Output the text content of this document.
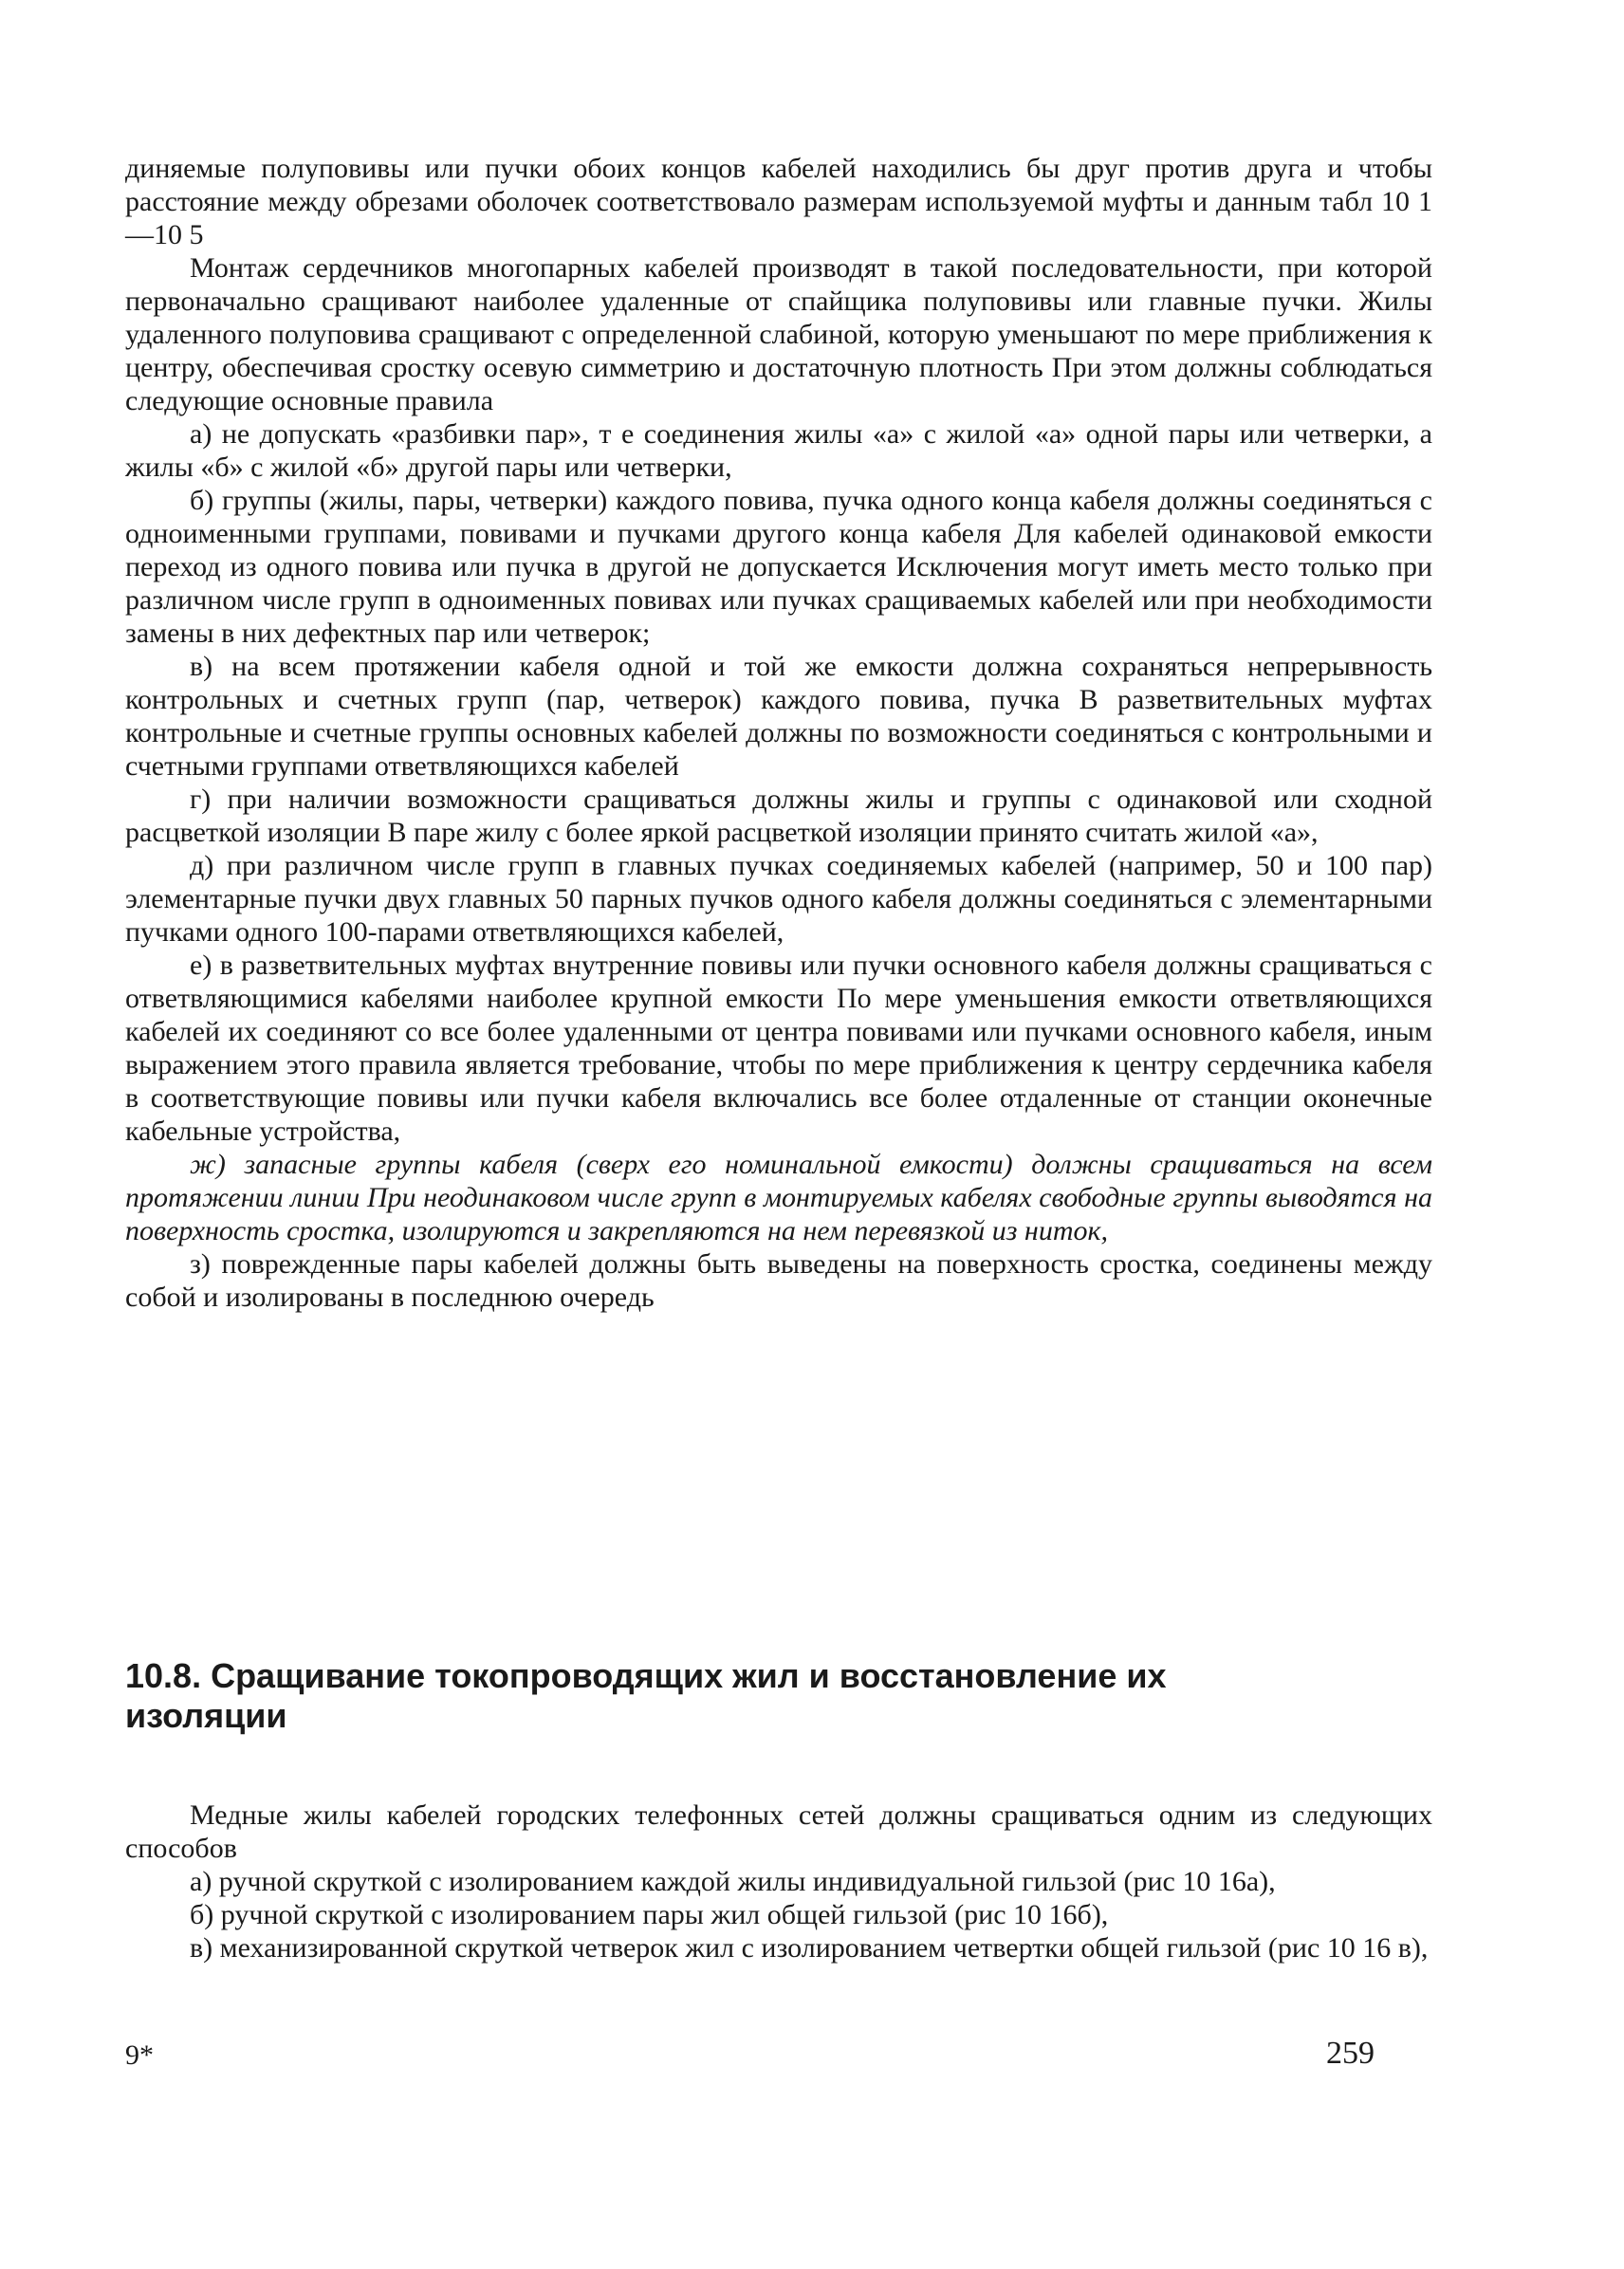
диняемые полуповивы или пучки обоих концов кабелей находились бы друг против друга и чтобы расстояние между обрезами оболочек соответствовало размерам используемой муфты и данным табл 10 1—10 5

Монтаж сердечников многопарных кабелей производят в такой последовательности, при которой первоначально сращивают наиболее удаленные от спайщика полуповивы или главные пучки. Жилы удаленного полуповива сращивают с определенной слабиной, которую уменьшают по мере приближения к центру, обеспечивая сростку осевую симметрию и достаточную плотность При этом должны соблюдаться следующие основные правила

а) не допускать «разбивки пар», т е соединения жилы «а» с жилой «а» одной пары или четверки, а жилы «б» с жилой «б» другой пары или четверки,

б) группы (жилы, пары, четверки) каждого повива, пучка одного конца кабеля должны соединяться с одноименными группами, повивами и пучками другого конца кабеля Для кабелей одинаковой емкости переход из одного повива или пучка в другой не допускается Исключения могут иметь место только при различном числе групп в одноименных повивах или пучках сращиваемых кабелей или при необходимости замены в них дефектных пар или четверок;

в) на всем протяжении кабеля одной и той же емкости должна сохраняться непрерывность контрольных и счетных групп (пар, четверок) каждого повива, пучка В разветвительных муфтах контрольные и счетные группы основных кабелей должны по возможности соединяться с контрольными и счетными группами ответвляющихся кабелей

г) при наличии возможности сращиваться должны жилы и группы с одинаковой или сходной расцветкой изоляции В паре жилу с более яркой расцветкой изоляции принято считать жилой «а»,

д) при различном числе групп в главных пучках соединяемых кабелей (например, 50 и 100 пар) элементарные пучки двух главных 50 парных пучков одного кабеля должны соединяться с элементарными пучками одного 100-парами ответвляющихся кабелей,

е) в разветвительных муфтах внутренние повивы или пучки основного кабеля должны сращиваться с ответвляющимися кабелями наиболее крупной емкости По мере уменьшения емкости ответвляющихся кабелей их соединяют со все более удаленными от центра повивами или пучками основного кабеля, иным выражением этого правила является требование, чтобы по мере приближения к центру сердечника кабеля в соответствующие повивы или пучки кабеля включались все более отдаленные от станции оконечные кабельные устройства,

ж) запасные группы кабеля (сверх его номинальной емкости) должны сращиваться на всем протяжении линии При неодинаковом числе групп в монтируемых кабелях свободные группы выводятся на поверхность сростка, изолируются и закрепляются на нем перевязкой из ниток,

з) поврежденные пары кабелей должны быть выведены на поверхность сростка, соединены между собой и изолированы в последнюю очередь

10.8. Сращивание токопроводящих жил и восстановление их изоляции

Медные жилы кабелей городских телефонных сетей должны сращиваться одним из следующих способов

а) ручной скруткой с изолированием каждой жилы индивидуальной гильзой (рис 10 16а),

б) ручной скруткой с изолированием пары жил общей гильзой (рис 10 16б),

в) механизированной скруткой четверок жил с изолированием четвертки общей гильзой (рис 10 16 в),

9*	259
